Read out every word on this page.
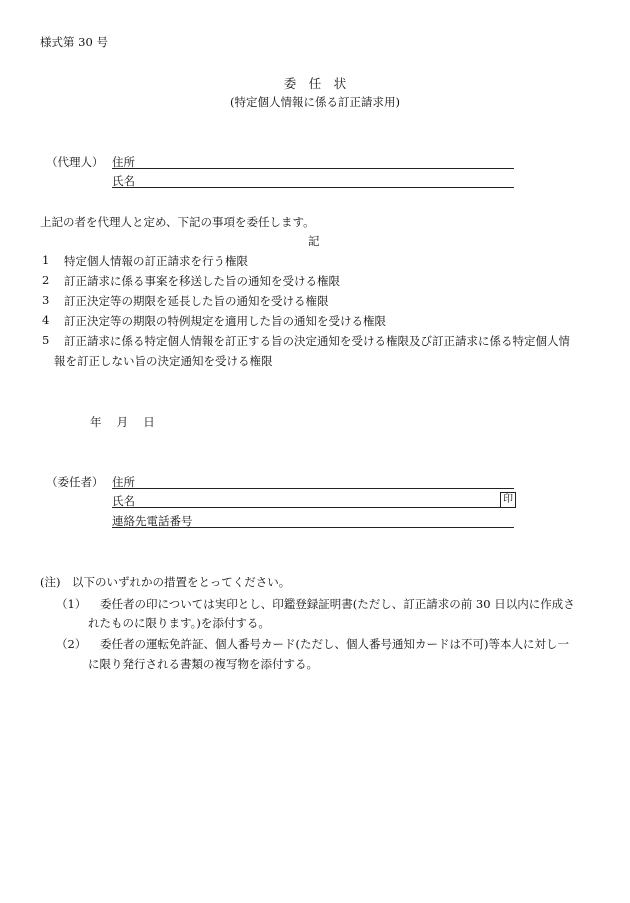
様式第 30 号
委　任　状
(特定個人情報に係る訂正請求用)
（代理人） 住所
氏名
上記の者を代理人と定め、下記の事項を委任します。
記
1 特定個人情報の訂正請求を行う権限
2 訂正請求に係る事案を移送した旨の通知を受ける権限
3 訂正決定等の期限を延長した旨の通知を受ける権限
4 訂正決定等の期限の特例規定を適用した旨の通知を受ける権限
5 訂正請求に係る特定個人情報を訂正する旨の決定通知を受ける権限及び訂正請求に係る特定個人情
報を訂正しない旨の決定通知を受ける権限
年　 月　 日
（委任者） 住所
氏名	印
連絡先電話番号
(注)　以下のいずれかの措置をとってください。
（1） 委任者の印については実印とし、印鑑登録証明書(ただし、訂正請求の前 30 日以内に作成さ
れたものに限ります。)を添付する。
（2） 委任者の運転免許証、個人番号カード(ただし、個人番号通知カードは不可)等本人に対し一
に限り発行される書類の複写物を添付する。
